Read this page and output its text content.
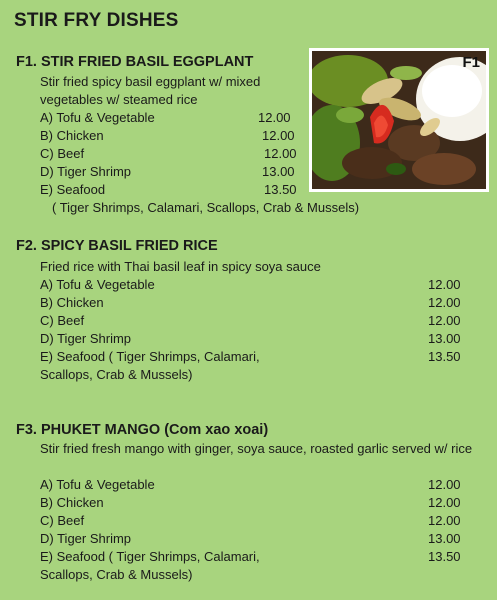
STIR FRY DISHES
F1. STIR FRIED BASIL EGGPLANT
Stir fried spicy basil eggplant w/ mixed
vegetables w/ steamed rice
A) Tofu & Vegetable	12.00
B) Chicken	12.00
C) Beef	12.00
D) Tiger Shrimp	13.00
E) Seafood	13.50
( Tiger Shrimps, Calamari, Scallops, Crab & Mussels)
F1
F2. SPICY BASIL FRIED RICE
Fried rice with Thai basil leaf in spicy soya sauce
A) Tofu & Vegetable	12.00
B) Chicken	12.00
C) Beef	12.00
D) Tiger Shrimp	13.00
E) Seafood ( Tiger Shrimps, Calamari,	13.50
Scallops, Crab & Mussels)
F3. PHUKET MANGO (Com xao xoai)
Stir fried fresh mango with ginger, soya sauce, roasted garlic served w/ rice
A) Tofu & Vegetable	12.00
B) Chicken	12.00
C) Beef	12.00
D) Tiger Shrimp	13.00
E) Seafood ( Tiger Shrimps, Calamari,	13.50
Scallops, Crab & Mussels)
